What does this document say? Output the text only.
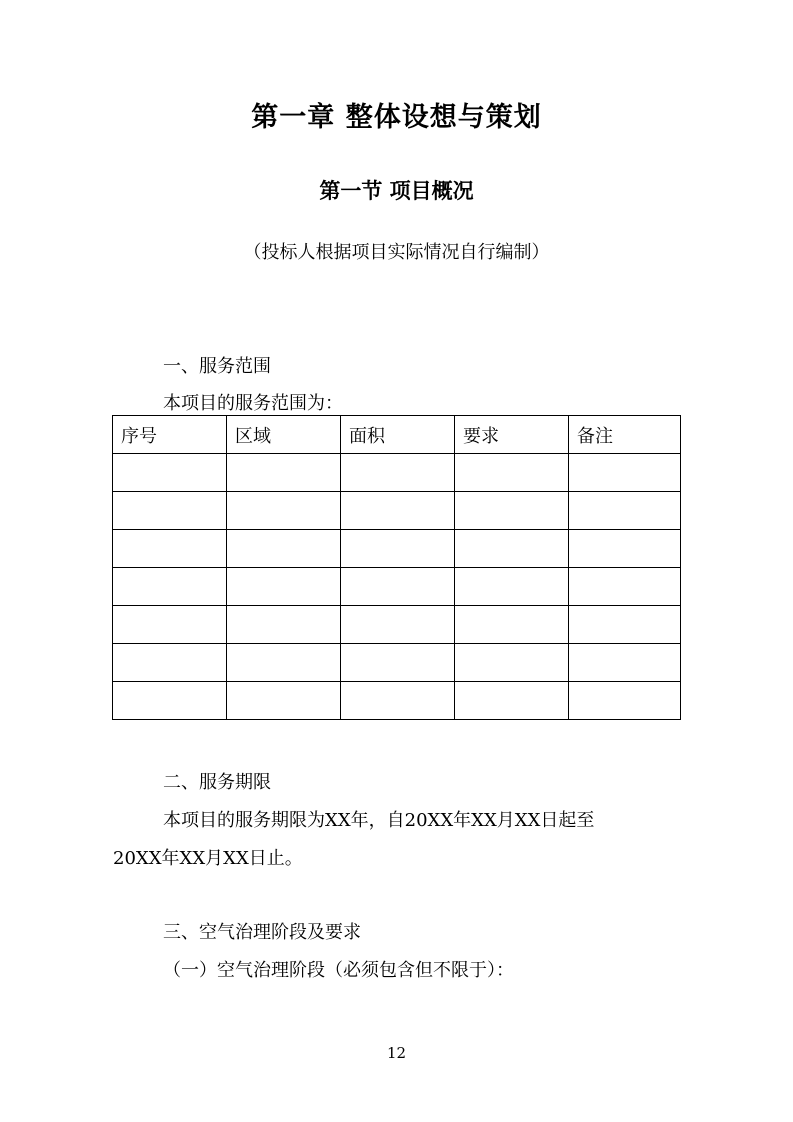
第一章 整体设想与策划
第一节 项目概况
（投标人根据项目实际情况自行编制）
一、服务范围
本项目的服务范围为：
序号	区域	面积	要求	备注

二、服务期限
本项目的服务期限为XX年，自20XX年XX月XX日起至
20XX年XX月XX日止。
三、空气治理阶段及要求
（一）空气治理阶段（必须包含但不限于）：
12
